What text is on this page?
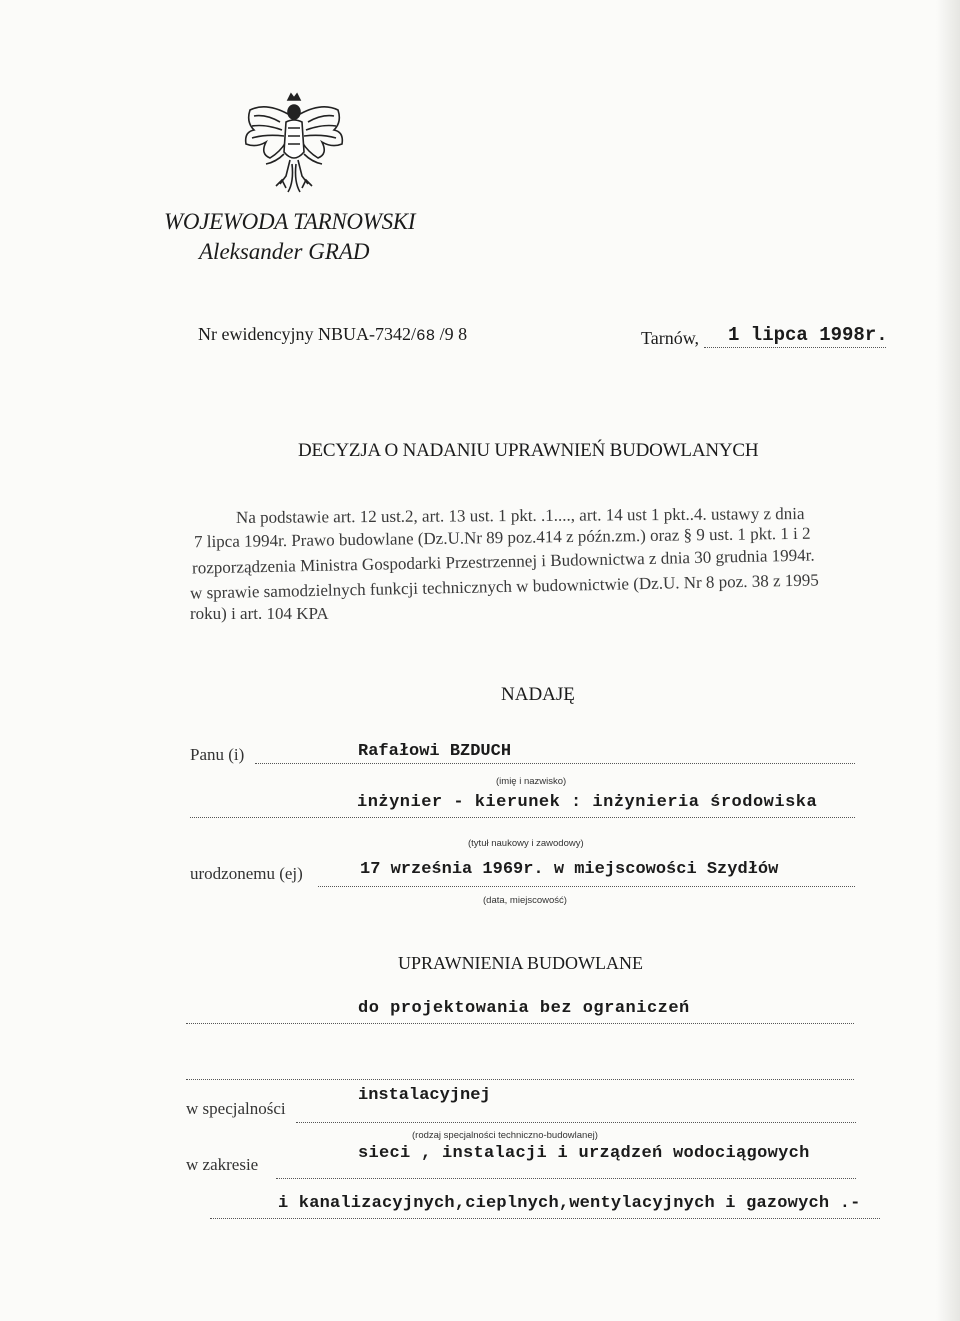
WOJEWODA TARNOWSKI
Aleksander GRAD
Nr ewidencyjny NBUA-7342/68 /9 8	Tarnów, 1 lipca 1998r.
DECYZJA O NADANIU UPRAWNIEŃ BUDOWLANYCH
Na podstawie art. 12 ust.2, art. 13 ust. 1 pkt. .1...., art. 14 ust 1 pkt..4. ustawy z dnia
7 lipca 1994r. Prawo budowlane (Dz.U.Nr 89 poz.414 z późn.zm.) oraz § 9 ust. 1 pkt. 1 i 2
rozporządzenia Ministra Gospodarki Przestrzennej i Budownictwa z dnia 30 grudnia 1994r.
w sprawie samodzielnych funkcji technicznych w budownictwie (Dz.U. Nr 8 poz. 38 z 1995
roku) i art. 104 KPA
NADAJĘ
Panu (i)	Rafałowi BZDUCH
(imię i nazwisko)
inżynier - kierunek : inżynieria środowiska
(tytuł naukowy i zawodowy)
urodzonemu (ej)	17 września 1969r. w miejscowości Szydłów
(data, miejscowość)
UPRAWNIENIA BUDOWLANE
do projektowania bez ograniczeń
w specjalności
instalacyjnej
(rodzaj specjalności techniczno-budowlanej)
w zakresie
sieci , instalacji i urządzeń wodociągowych
i kanalizacyjnych,cieplnych,wentylacyjnych i gazowych .-
